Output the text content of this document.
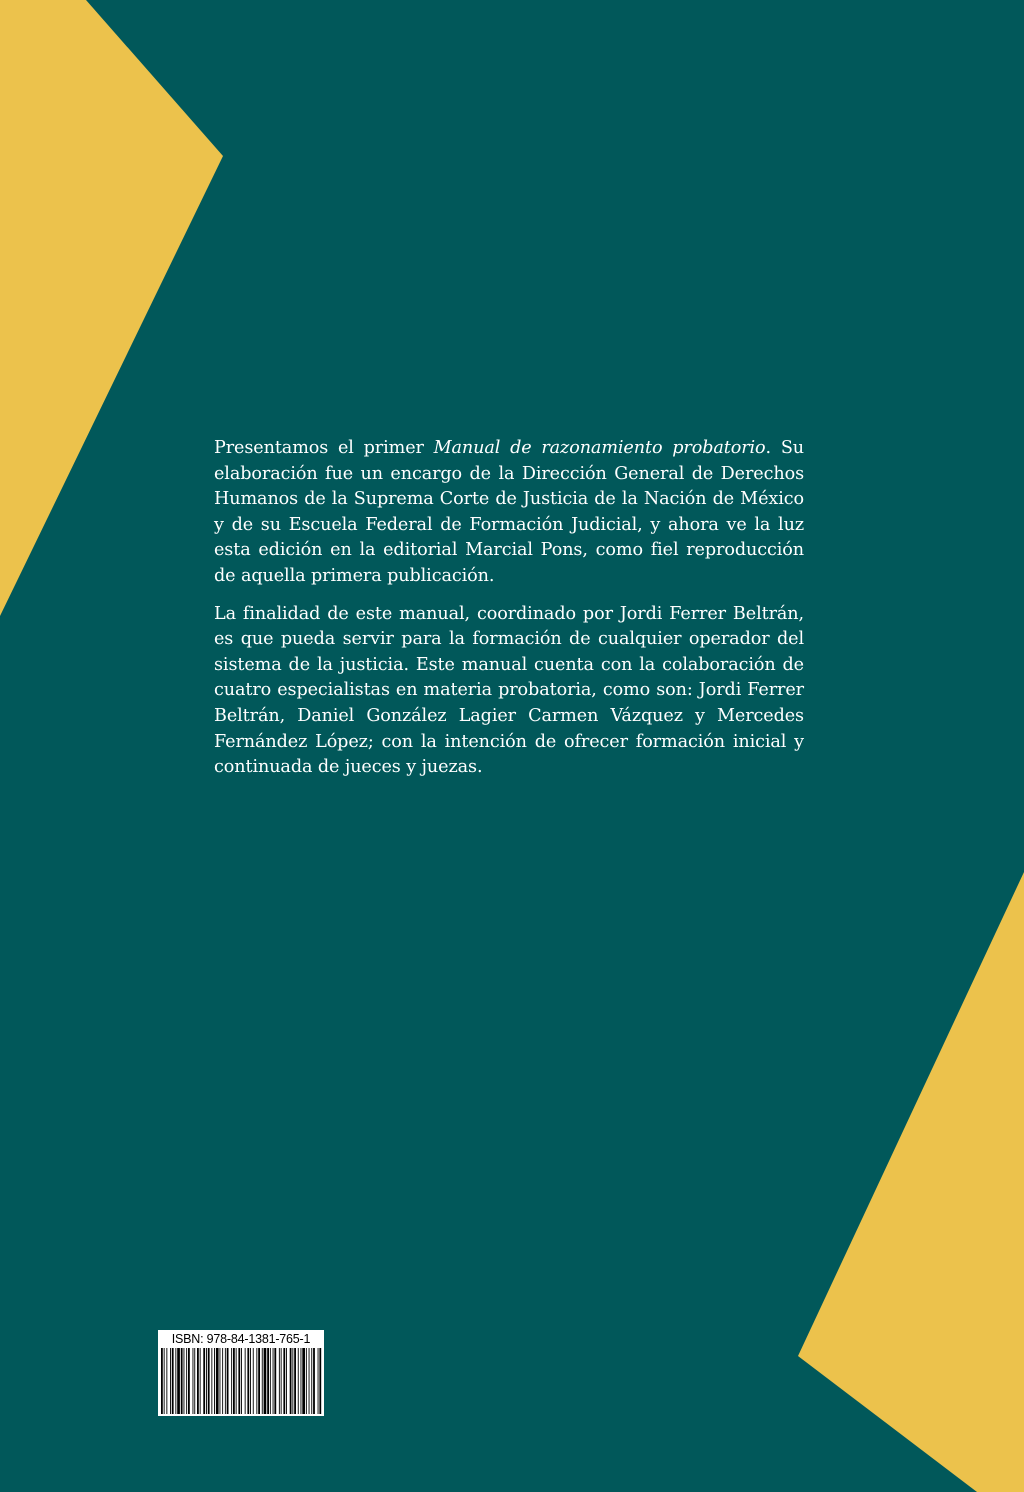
Presentamos el primer Manual de razonamiento probatorio. Su elaboración fue un encargo de la Dirección General de Derechos Humanos de la Suprema Corte de Justicia de la Nación de México y de su Escuela Federal de Formación Judicial, y ahora ve la luz esta edición en la editorial Marcial Pons, como fiel reproducción de aquella primera publicación.

La finalidad de este manual, coordinado por Jordi Ferrer Beltrán, es que pueda servir para la formación de cualquier operador del sistema de la justicia. Este manual cuenta con la colaboración de cuatro especialistas en materia probatoria, como son: Jordi Ferrer Beltrán, Daniel González Lagier Carmen Vázquez y Mercedes Fernández López; con la intención de ofrecer formación inicial y continuada de jueces y juezas.

ISBN: 978-84-1381-765-1
